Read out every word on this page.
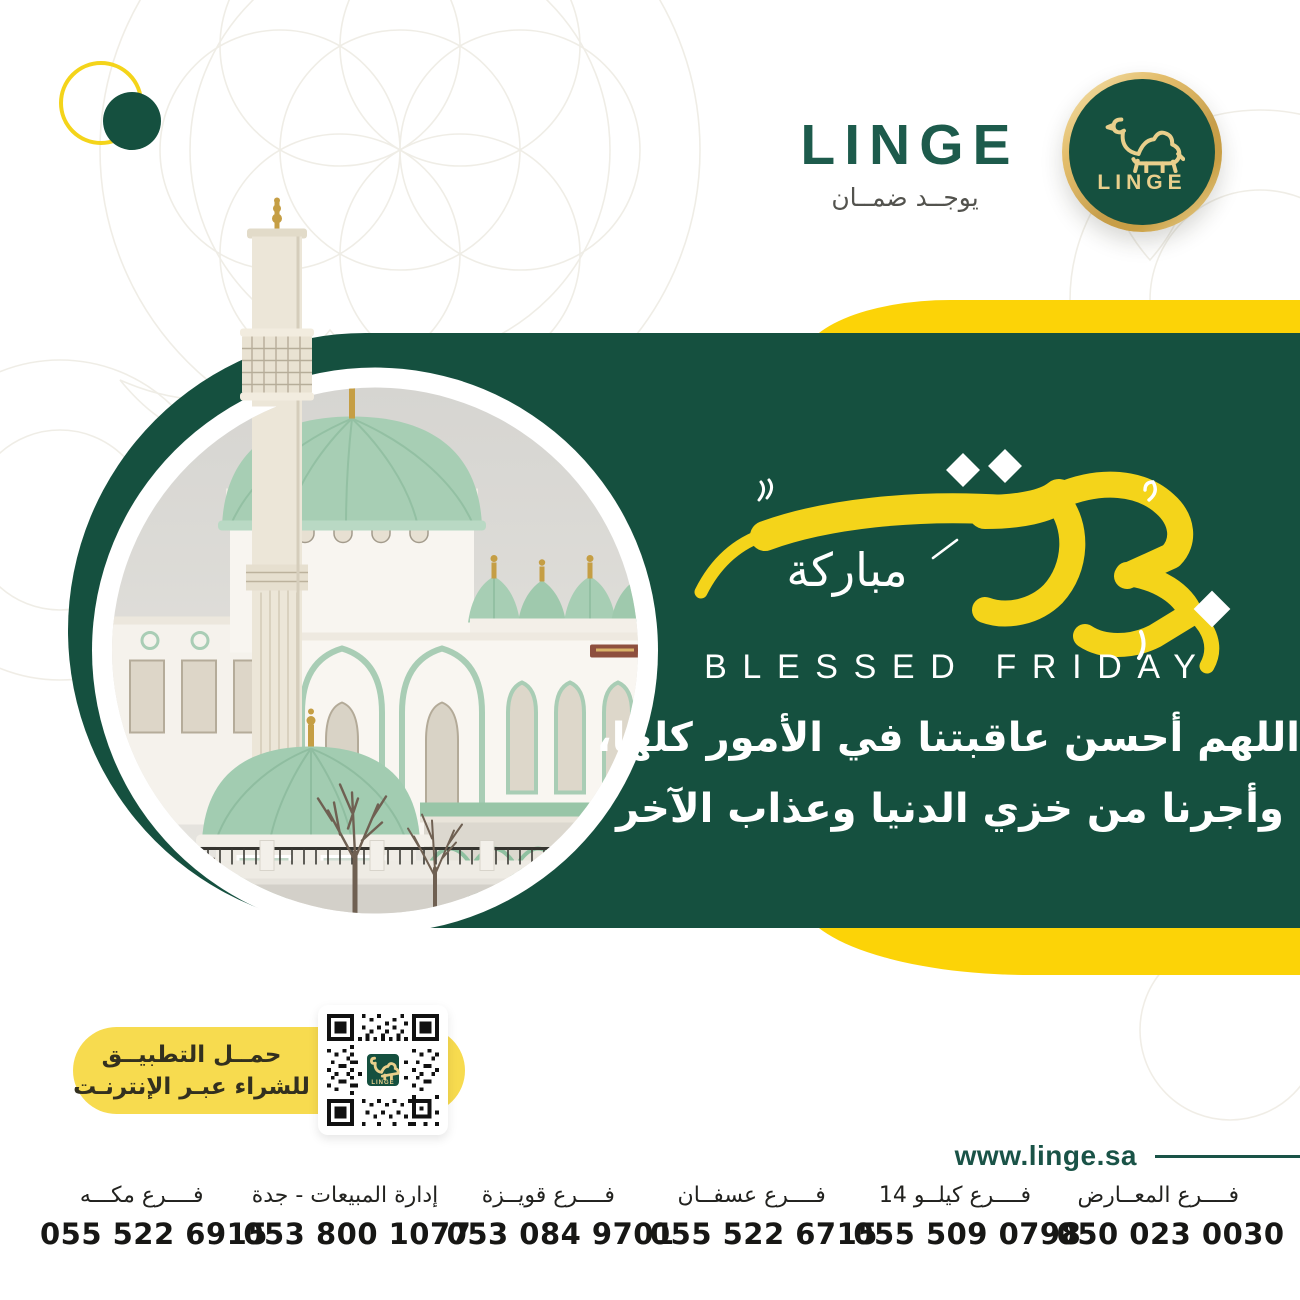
LINGE
يوجــد ضمــان
LINGE
مباركة
BLESSED FRIDAY
اللهم أحسن عاقبتنا في الأمور كلها،
وأجرنا من خزي الدنيا وعذاب الآخر
حمــل التطبيــق
للشراء عبـر الإنترنـت	LINGE
www.linge.sa
فــــرع مكـــه
055 522 6915
إدارة المبيعات - جدة
053 800 1077
فــــرع قويــزة
053 084 9701
فــــرع عسفــان
055 522 6715
فــــرع كيلــو 14
055 509 0798
فــــرع المعــارض
050 023 0030
